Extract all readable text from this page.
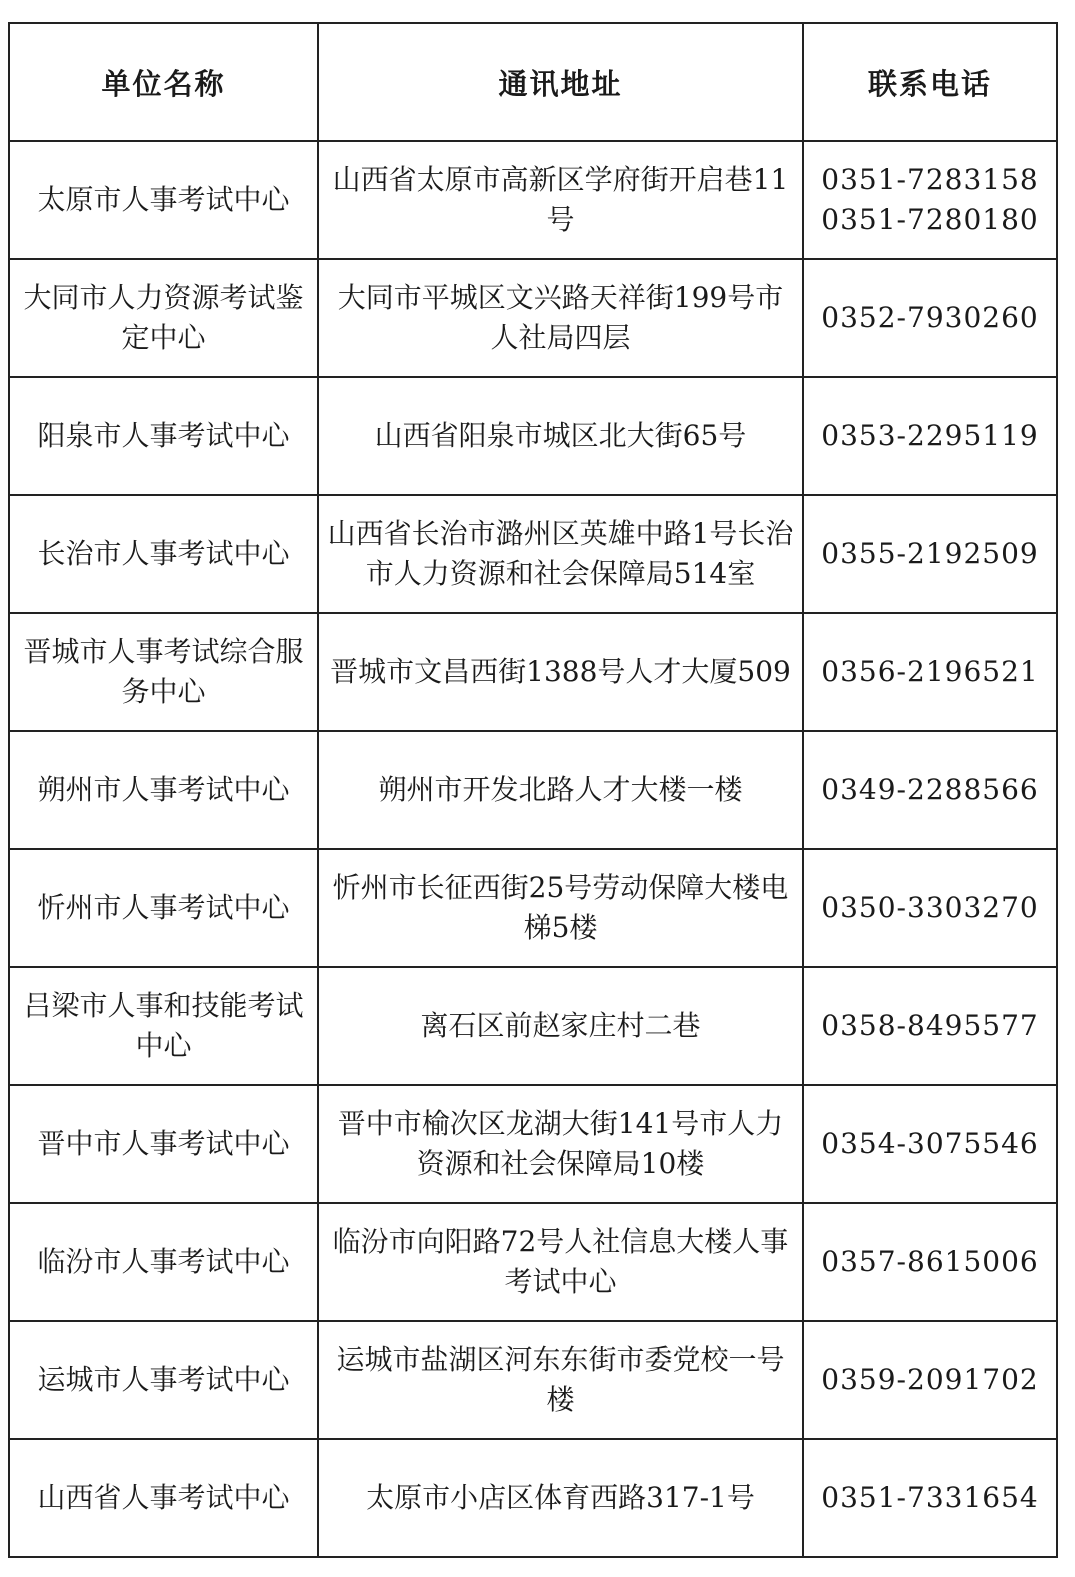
单位名称	通讯地址	联系电话
太原市人事考试中心	山西省太原市高新区学府街开启巷11号	0351-7283158
0351-7280180

大同市人力资源考试鉴定中心	大同市平城区文兴路天祥街199号市人社局四层	0352-7930260

阳泉市人事考试中心	山西省阳泉市城区北大街65号	0353-2295119

长治市人事考试中心	山西省长治市潞州区英雄中路1号长治市人力资源和社会保障局514室	0355-2192509

晋城市人事考试综合服务中心	晋城市文昌西街1388号人才大厦509	0356-2196521

朔州市人事考试中心	朔州市开发北路人才大楼一楼	0349-2288566

忻州市人事考试中心	忻州市长征西街25号劳动保障大楼电梯5楼	0350-3303270

吕梁市人事和技能考试中心	离石区前赵家庄村二巷	0358-8495577

晋中市人事考试中心	晋中市榆次区龙湖大街141号市人力资源和社会保障局10楼	0354-3075546

临汾市人事考试中心	临汾市向阳路72号人社信息大楼人事考试中心	0357-8615006

运城市人事考试中心	运城市盐湖区河东东街市委党校一号楼	0359-2091702

山西省人事考试中心	太原市小店区体育西路317-1号	0351-7331654
